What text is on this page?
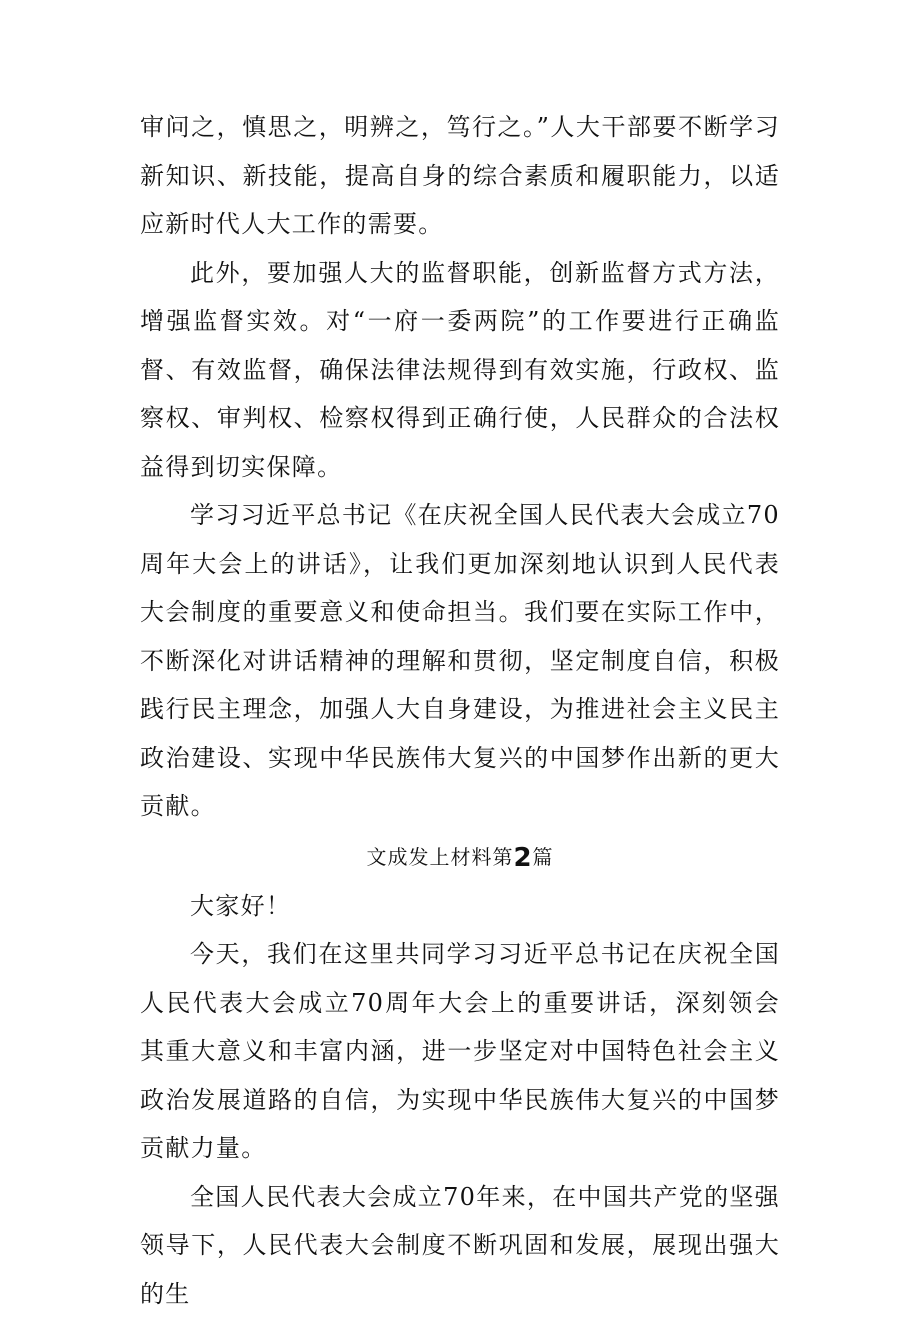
审问之，慎思之，明辨之，笃行之。”人大干部要不断学习新知识、新技能，提高自身的综合素质和履职能力，以适应新时代人大工作的需要。

此外，要加强人大的监督职能，创新监督方式方法，增强监督实效。对“一府一委两院”的工作要进行正确监督、有效监督，确保法律法规得到有效实施，行政权、监察权、审判权、检察权得到正确行使，人民群众的合法权益得到切实保障。

学习习近平总书记《在庆祝全国人民代表大会成立70周年大会上的讲话》，让我们更加深刻地认识到人民代表大会制度的重要意义和使命担当。我们要在实际工作中，不断深化对讲话精神的理解和贯彻，坚定制度自信，积极践行民主理念，加强人大自身建设，为推进社会主义民主政治建设、实现中华民族伟大复兴的中国梦作出新的更大贡献。

文成发上材料第2篇

大家好！

今天，我们在这里共同学习习近平总书记在庆祝全国人民代表大会成立70周年大会上的重要讲话，深刻领会其重大意义和丰富内涵，进一步坚定对中国特色社会主义政治发展道路的自信，为实现中华民族伟大复兴的中国梦贡献力量。

全国人民代表大会成立70年来，在中国共产党的坚强领导下，人民代表大会制度不断巩固和发展，展现出强大的生
